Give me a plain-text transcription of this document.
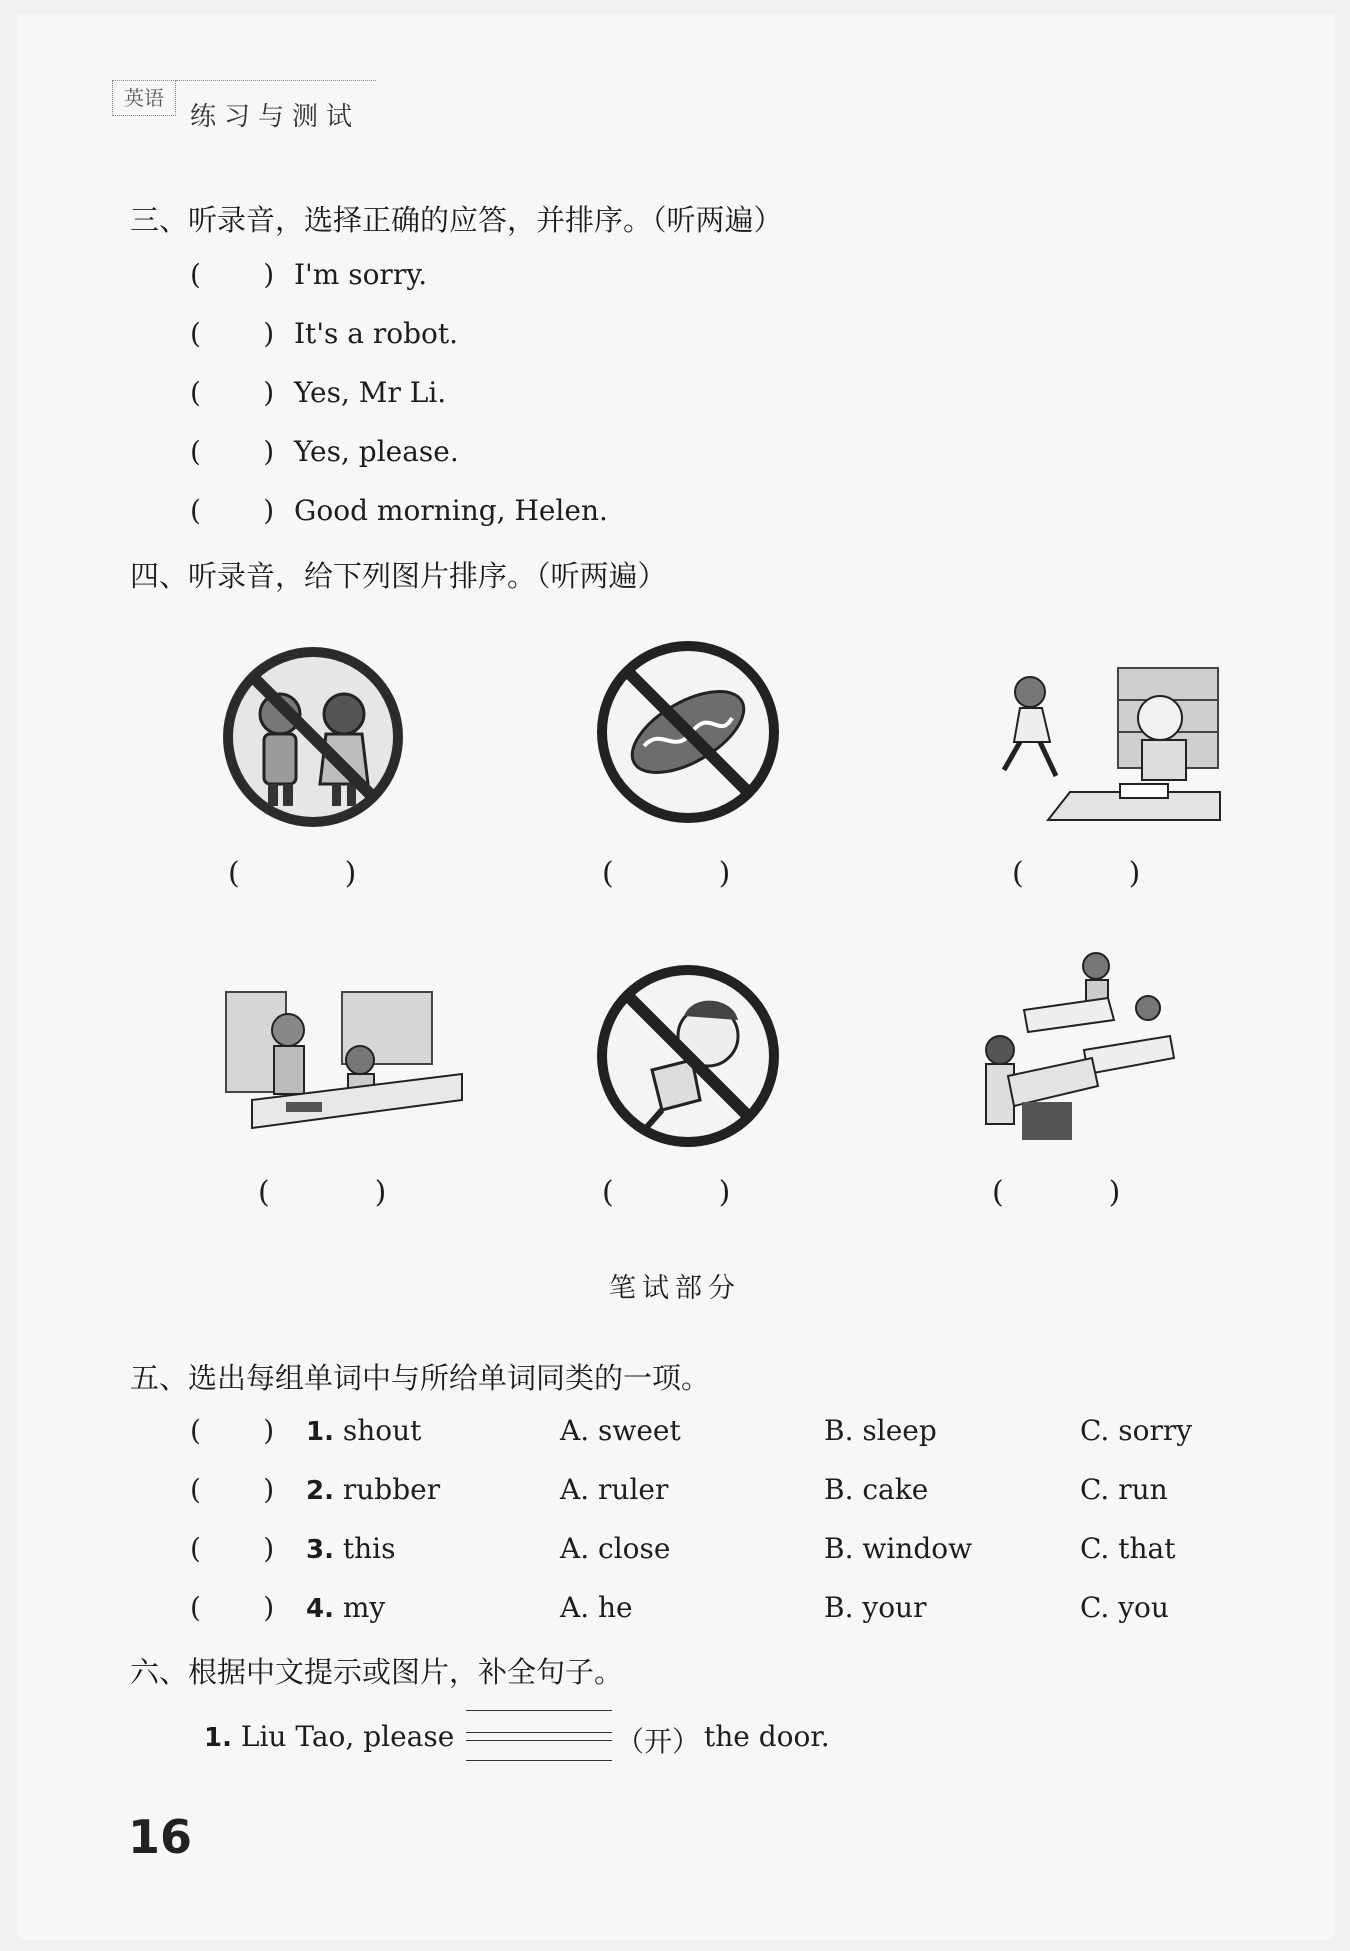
英语
练习与测试
三、听录音，选择正确的应答，并排序。（听两遍）
(       ) I'm sorry.
(       ) It's a robot.
(       ) Yes, Mr Li.
(       ) Yes, please.
(       ) Good morning, Helen.
四、听录音，给下列图片排序。（听两遍）
(           )	(           )	(           )
(           )	(           )	(           )
笔试部分
五、选出每组单词中与所给单词同类的一项。
(       ) 1. shout	A. sweet	B. sleep	C. sorry
(       ) 2. rubber	A. ruler	B. cake	C. run
(       ) 3. this	A. close	B. window	C. that
(       ) 4. my	A. he	B. your	C. you
六、根据中文提示或图片，补全句子。
1. Liu Tao, please	（开） the door.
16
